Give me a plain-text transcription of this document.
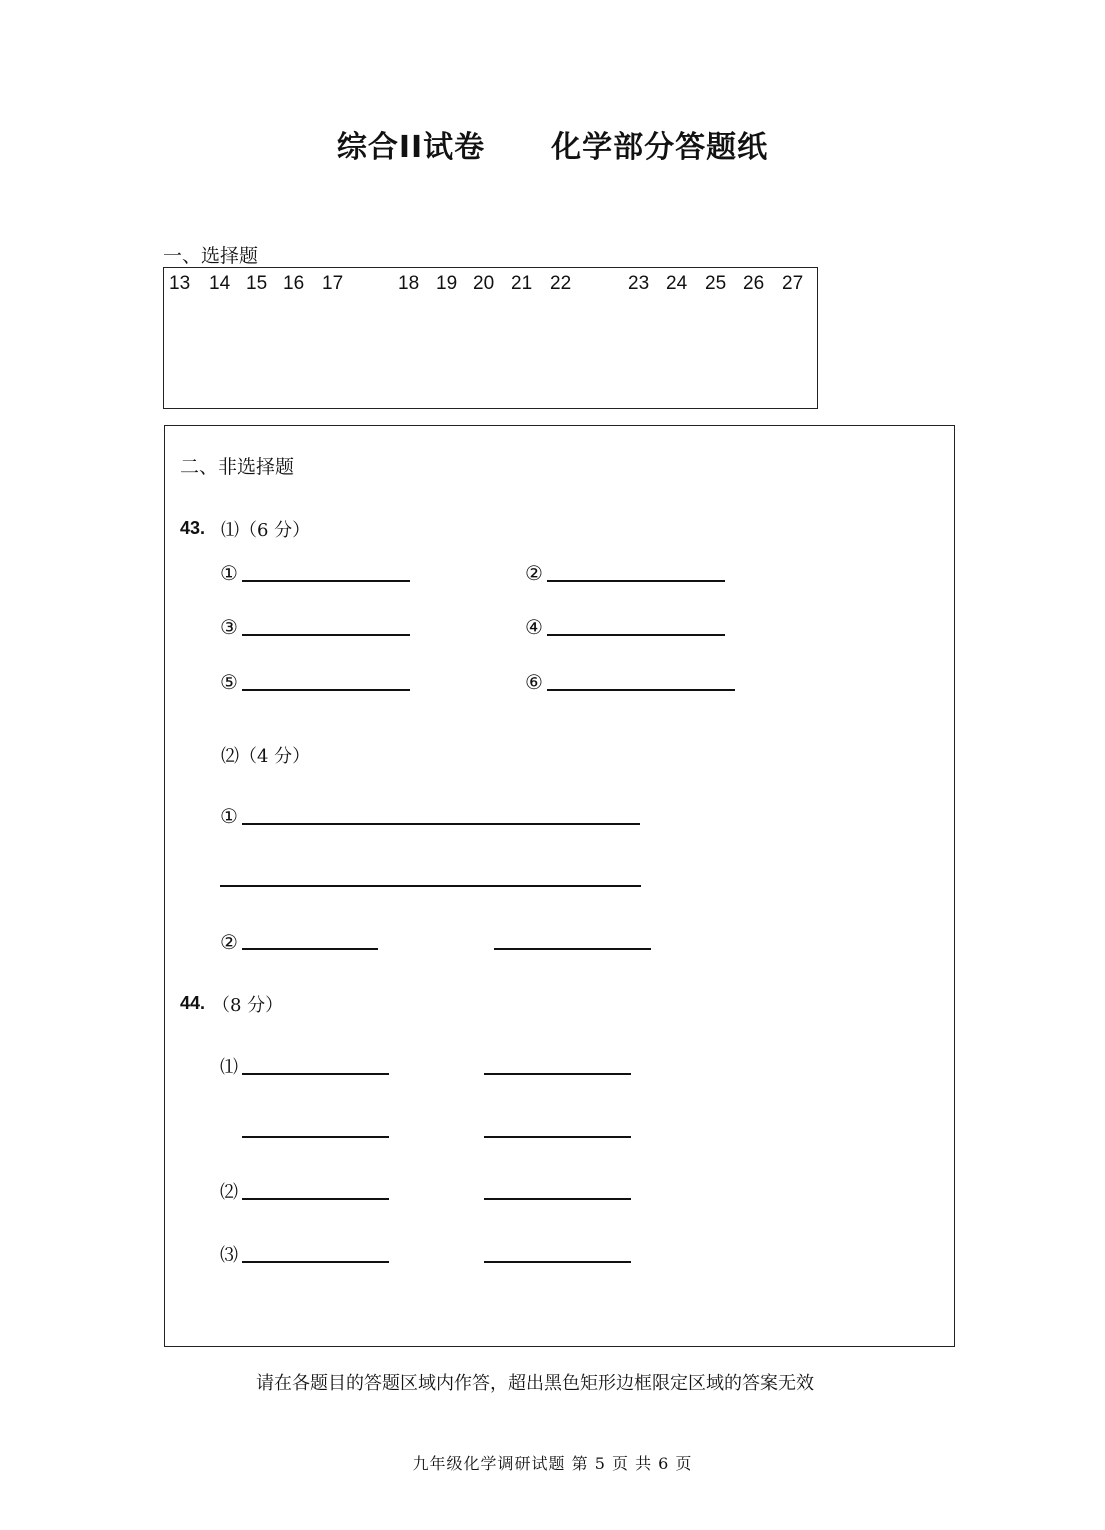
综合II试卷 化学部分答题纸
一、选择题
13 14 15 16 17	18 19 20 21 22	23 24 25 26 27
二、非选择题
43. ⑴（6 分）
①	②
③	④
⑤	⑥
⑵（4 分）
①
②
44. （8 分）
⑴
⑵
⑶
请在各题目的答题区域内作答，超出黑色矩形边框限定区域的答案无效
九年级化学调研试题 第 5 页 共 6 页
